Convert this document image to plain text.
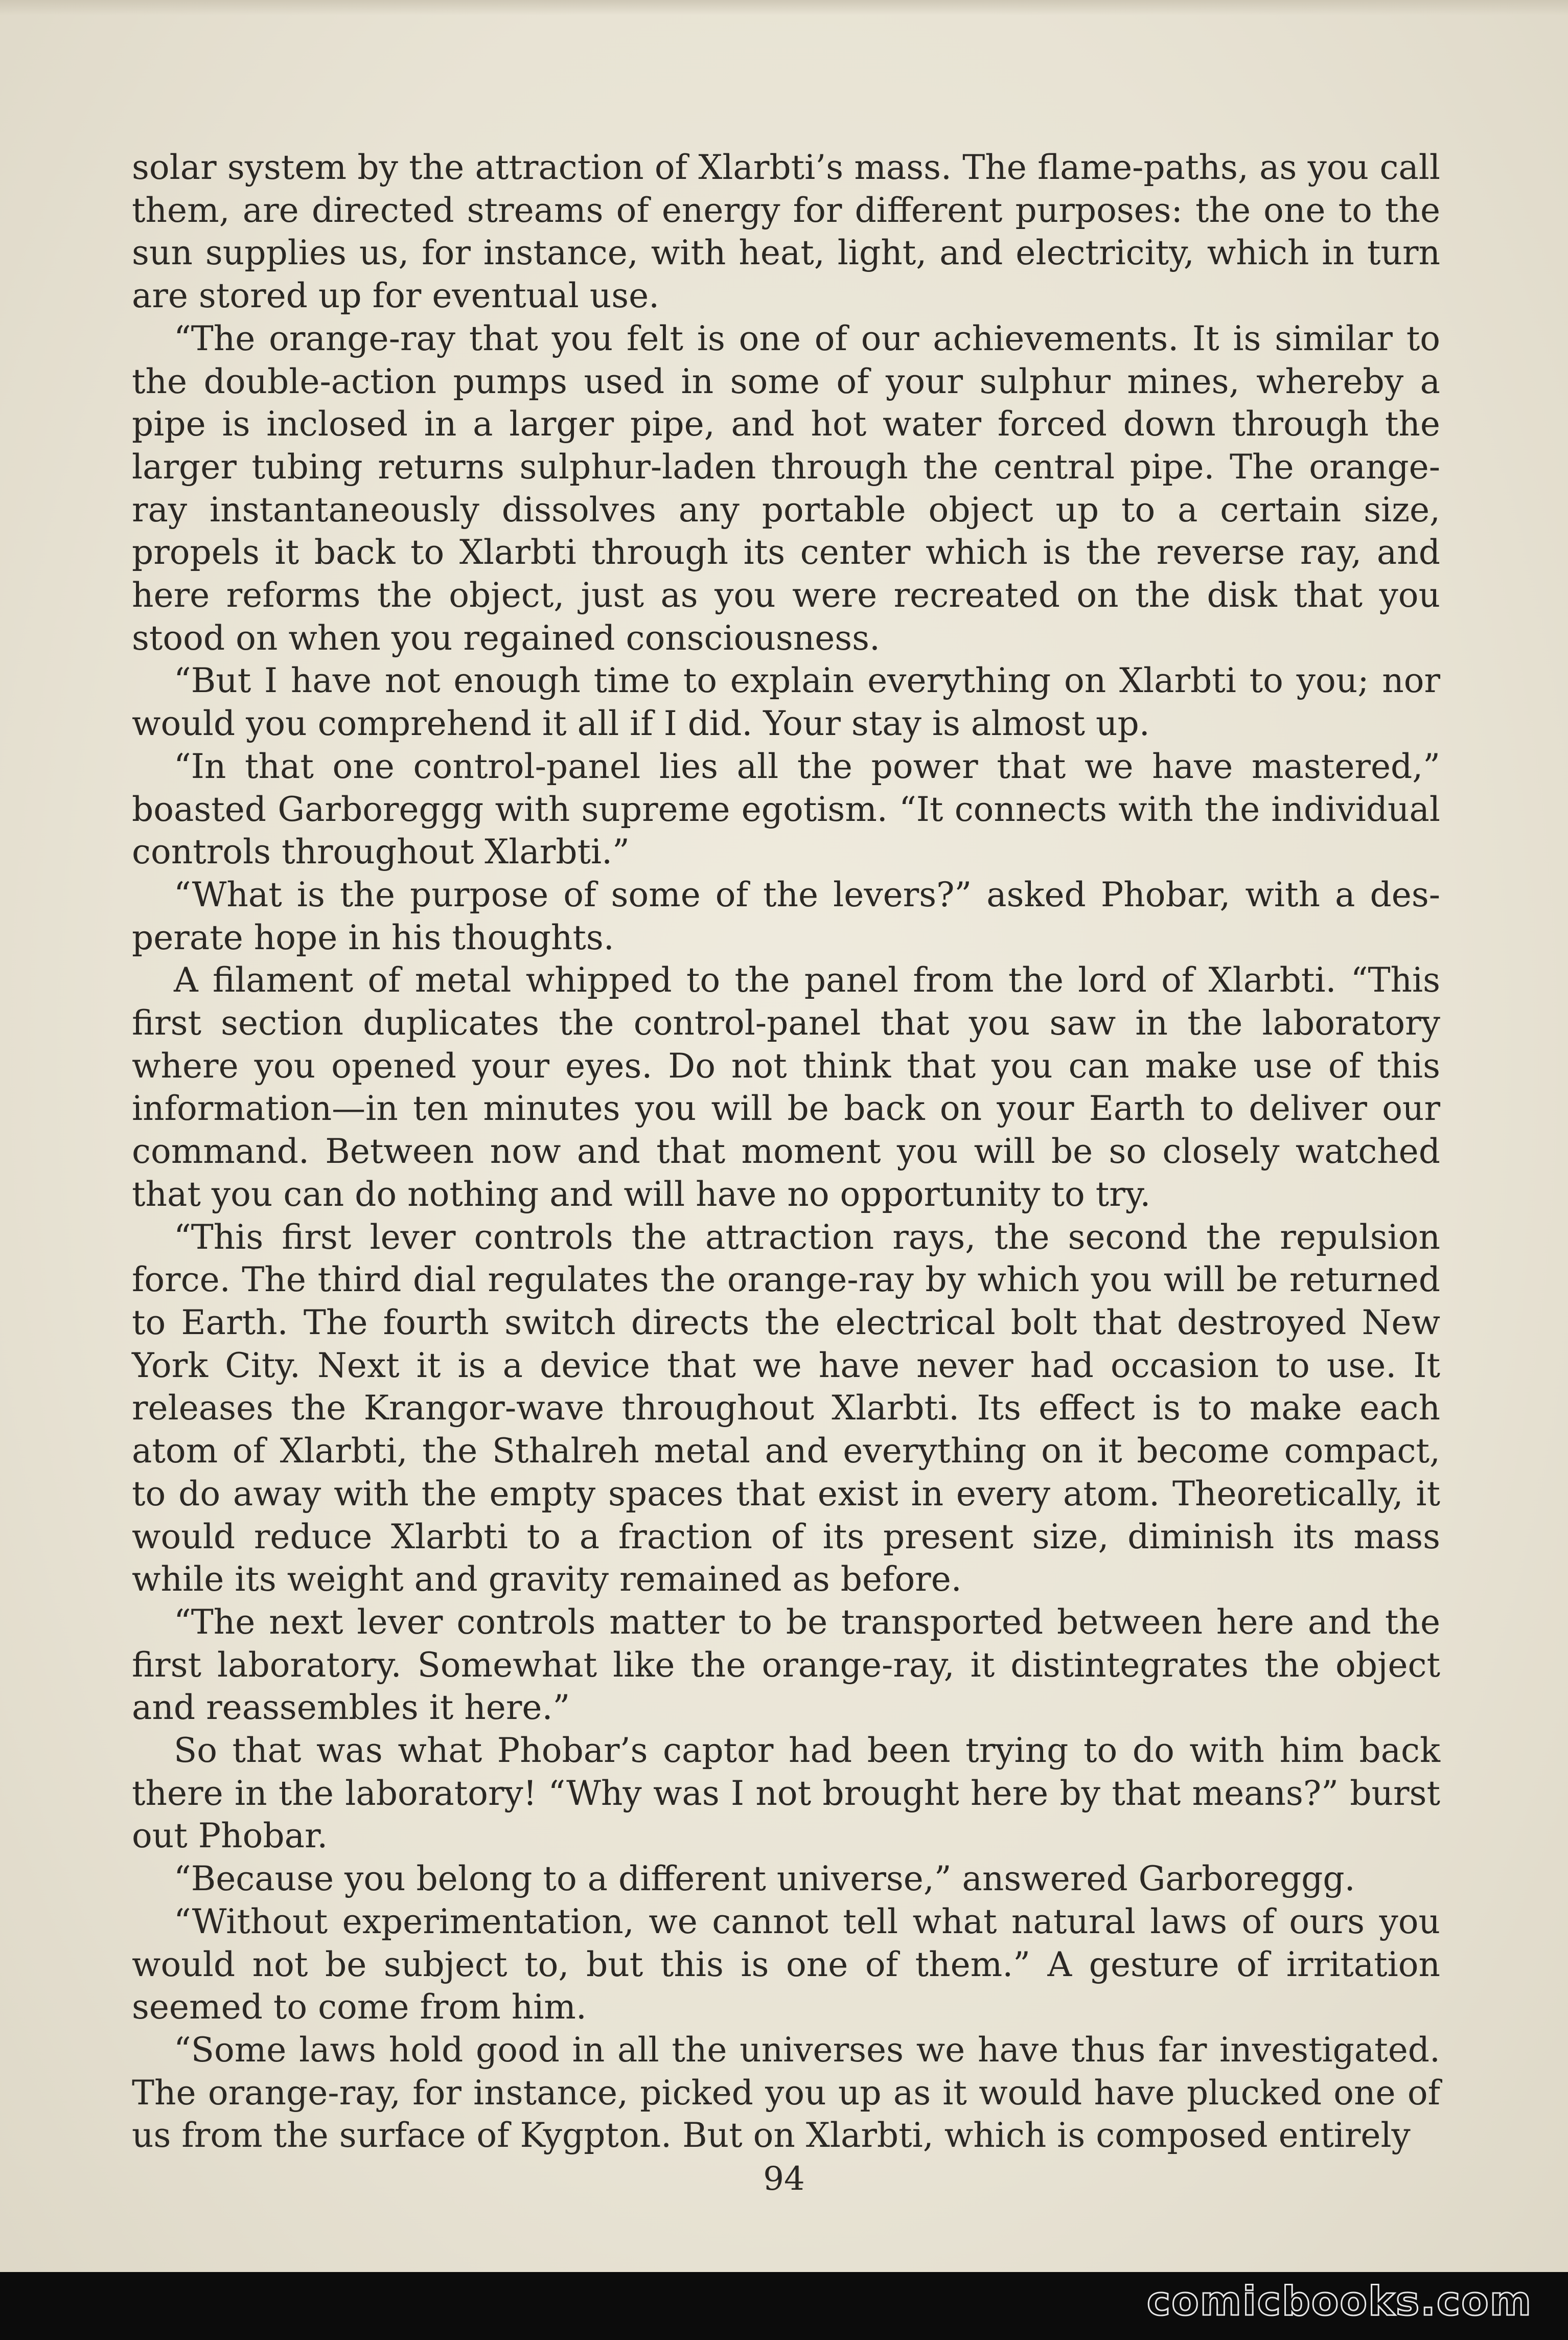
solar system by the attraction of Xlarbti’s mass. The flame-paths, as you call them, are directed streams of energy for different purposes: the one to the sun supplies us, for instance, with heat, light, and electricity, which in turn are stored up for eventual use.

“The orange-ray that you felt is one of our achievements. It is similar to the double-action pumps used in some of your sulphur mines, whereby a pipe is inclosed in a larger pipe, and hot water forced down through the larger tubing returns sulphur-laden through the central pipe. The orange-ray instantaneously dissolves any portable object up to a certain size, propels it back to Xlarbti through its center which is the reverse ray, and here reforms the object, just as you were recreated on the disk that you stood on when you regained consciousness.

“But I have not enough time to explain everything on Xlarbti to you; nor would you comprehend it all if I did. Your stay is almost up.

“In that one control-panel lies all the power that we have mastered,” boasted Garboreggg with supreme egotism. “It connects with the individual controls throughout Xlarbti.”

“What is the purpose of some of the levers?” asked Phobar, with a desperate hope in his thoughts.

A filament of metal whipped to the panel from the lord of Xlarbti. “This first section duplicates the control-panel that you saw in the laboratory where you opened your eyes. Do not think that you can make use of this information—in ten minutes you will be back on your Earth to deliver our command. Between now and that moment you will be so closely watched that you can do nothing and will have no opportunity to try.

“This first lever controls the attraction rays, the second the repulsion force. The third dial regulates the orange-ray by which you will be returned to Earth. The fourth switch directs the electrical bolt that destroyed New York City. Next it is a device that we have never had occasion to use. It releases the Krangor-wave throughout Xlarbti. Its effect is to make each atom of Xlarbti, the Sthalreh metal and everything on it become compact, to do away with the empty spaces that exist in every atom. Theoretically, it would reduce Xlarbti to a fraction of its present size, diminish its mass while its weight and gravity remained as before.

“The next lever controls matter to be transported between here and the first laboratory. Somewhat like the orange-ray, it distintegrates the object and reassembles it here.”

So that was what Phobar’s captor had been trying to do with him back there in the laboratory! “Why was I not brought here by that means?” burst out Phobar.

“Because you belong to a different universe,” answered Garboreggg.

“Without experimentation, we cannot tell what natural laws of ours you would not be subject to, but this is one of them.” A gesture of irritation seemed to come from him.

“Some laws hold good in all the universes we have thus far investigated. The orange-ray, for instance, picked you up as it would have plucked one of us from the surface of Kygpton. But on Xlarbti, which is composed entirely

94
comicbooks.com
